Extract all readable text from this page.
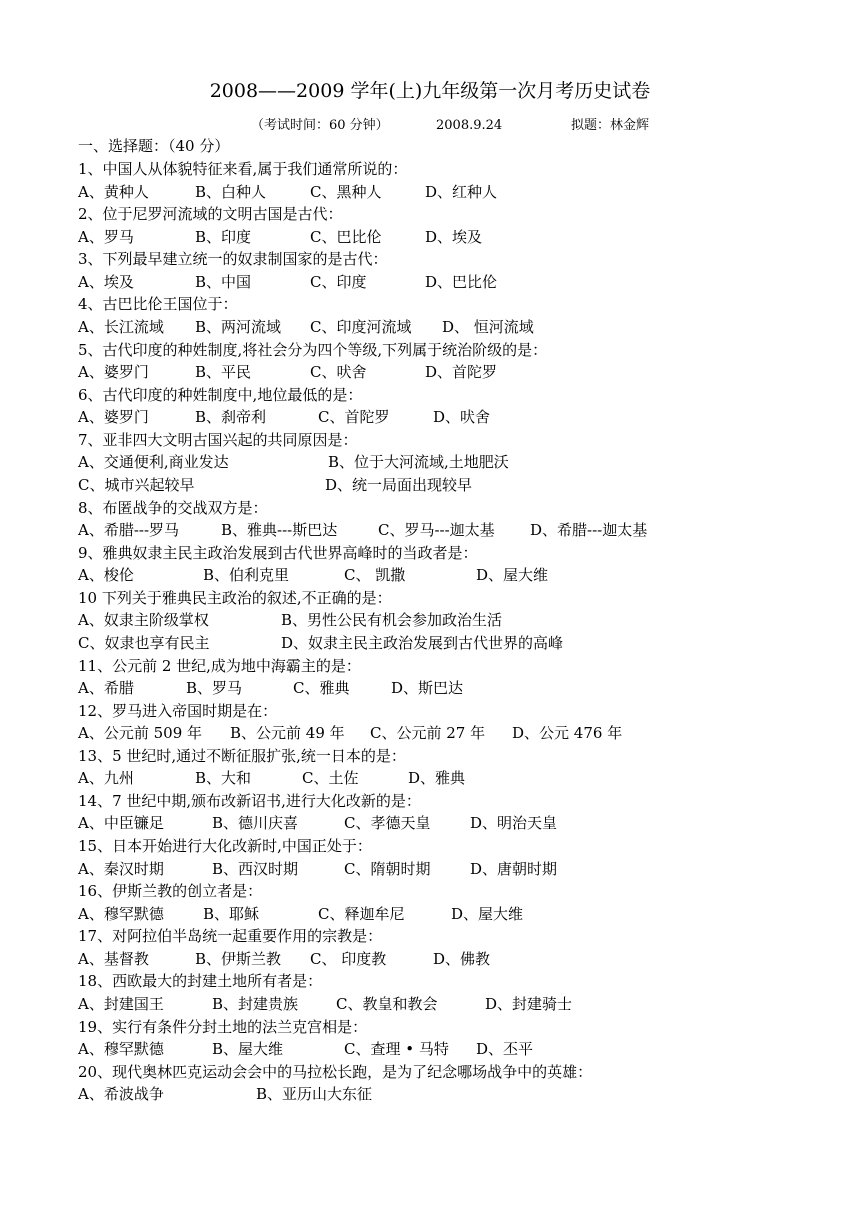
2008——2009 学年(上)九年级第一次月考历史试卷
（考试时间：60 分钟）	2008.9.24	拟题：林金辉
一、选择题：（40 分）
1、中国人从体貌特征来看,属于我们通常所说的：
A、黄种人	B、白种人	C、黑种人	D、红种人
2、位于尼罗河流域的文明古国是古代：
A、罗马	B、印度	C、巴比伦	D、埃及
3、下列最早建立统一的奴隶制国家的是古代：
A、埃及	B、中国	C、印度	D、巴比伦
4、古巴比伦王国位于：
A、长江流域 B、两河流域 C、印度河流域 D、 恒河流域
5、古代印度的种姓制度,将社会分为四个等级,下列属于统治阶级的是：
A、婆罗门	B、平民	C、吠舍	D、首陀罗
6、古代印度的种姓制度中,地位最低的是：
A、婆罗门	B、刹帝利	C、首陀罗	D、吠舍
7、亚非四大文明古国兴起的共同原因是：
A、交通便利,商业发达	B、位于大河流域,土地肥沃
C、城市兴起较早	D、统一局面出现较早
8、布匿战争的交战双方是：
A、希腊---罗马	B、雅典---斯巴达	C、罗马---迦太基 D、希腊---迦太基
9、雅典奴隶主民主政治发展到古代世界高峰时的当政者是：
A、梭伦	B、伯利克里	C、 凯撒	D、屋大维
10 下列关于雅典民主政治的叙述,不正确的是：
A、奴隶主阶级掌权	B、男性公民有机会参加政治生活
C、奴隶也享有民主	D、奴隶主民主政治发展到古代世界的高峰
11、公元前 2 世纪,成为地中海霸主的是：
A、希腊	B、罗马	C、雅典	D、斯巴达
12、罗马进入帝国时期是在：
A、公元前 509 年 B、公元前 49 年 C、公元前 27 年 D、公元 476 年
13、5 世纪时,通过不断征服扩张,统一日本的是：
A、九州	B、大和	C、土佐	D、雅典
14、7 世纪中期,颁布改新诏书,进行大化改新的是：
A、中臣镰足	B、德川庆喜	C、孝德天皇	D、明治天皇
15、日本开始进行大化改新时,中国正处于：
A、秦汉时期	B、西汉时期	C、隋朝时期	D、唐朝时期
16、伊斯兰教的创立者是：
A、穆罕默德	B、耶稣	C、释迦牟尼	D、屋大维
17、对阿拉伯半岛统一起重要作用的宗教是：
A、基督教	B、伊斯兰教 C、 印度教	D、佛教
18、西欧最大的封建土地所有者是：
A、封建国王	B、封建贵族	C、教皇和教会	D、封建骑士
19、实行有条件分封土地的法兰克宫相是：
A、穆罕默德	B、屋大维	C、查理 • 马特 D、丕平
20、现代奥林匹克运动会会中的马拉松长跑，是为了纪念哪场战争中的英雄：
A、希波战争	B、亚历山大东征
